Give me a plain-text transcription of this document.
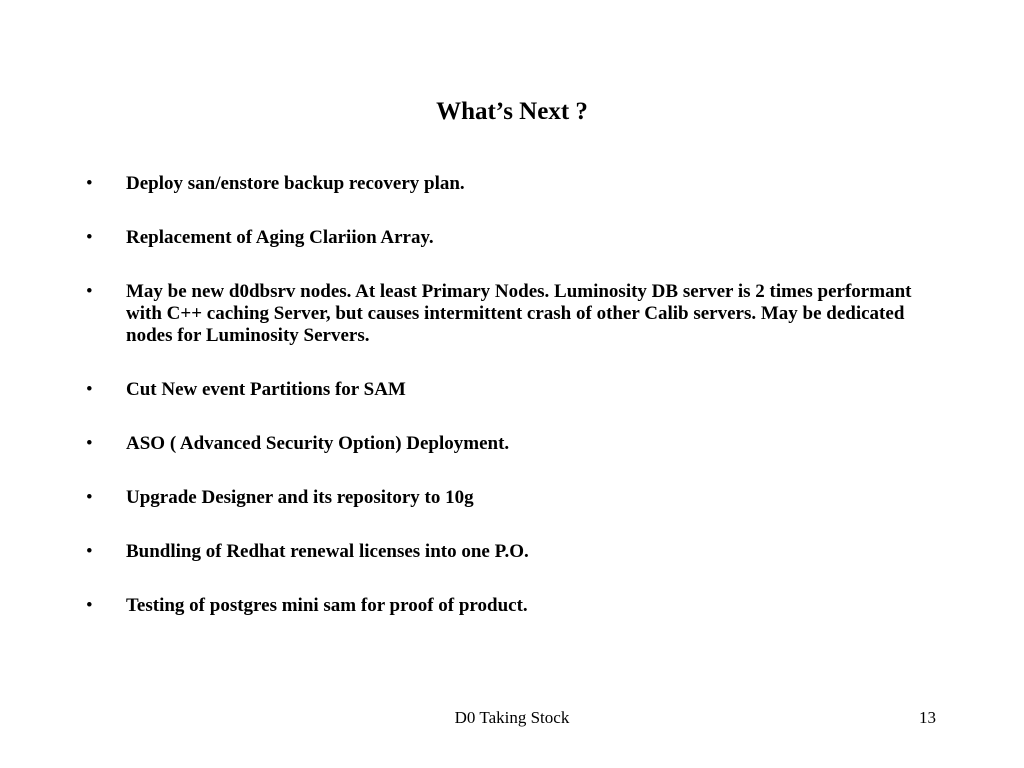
What’s Next ?
• Deploy san/enstore backup recovery plan.
• Replacement of Aging Clariion Array.
• May be new d0dbsrv nodes. At least Primary Nodes. Luminosity DB server is 2 times performant with C++ caching Server, but causes intermittent crash of other Calib servers. May be dedicated nodes for Luminosity Servers.
• Cut New event Partitions for SAM
• ASO ( Advanced Security Option) Deployment.
• Upgrade Designer and its repository to 10g
• Bundling of Redhat renewal licenses into one P.O.
• Testing of postgres mini sam for proof of product.
D0 Taking Stock	13
